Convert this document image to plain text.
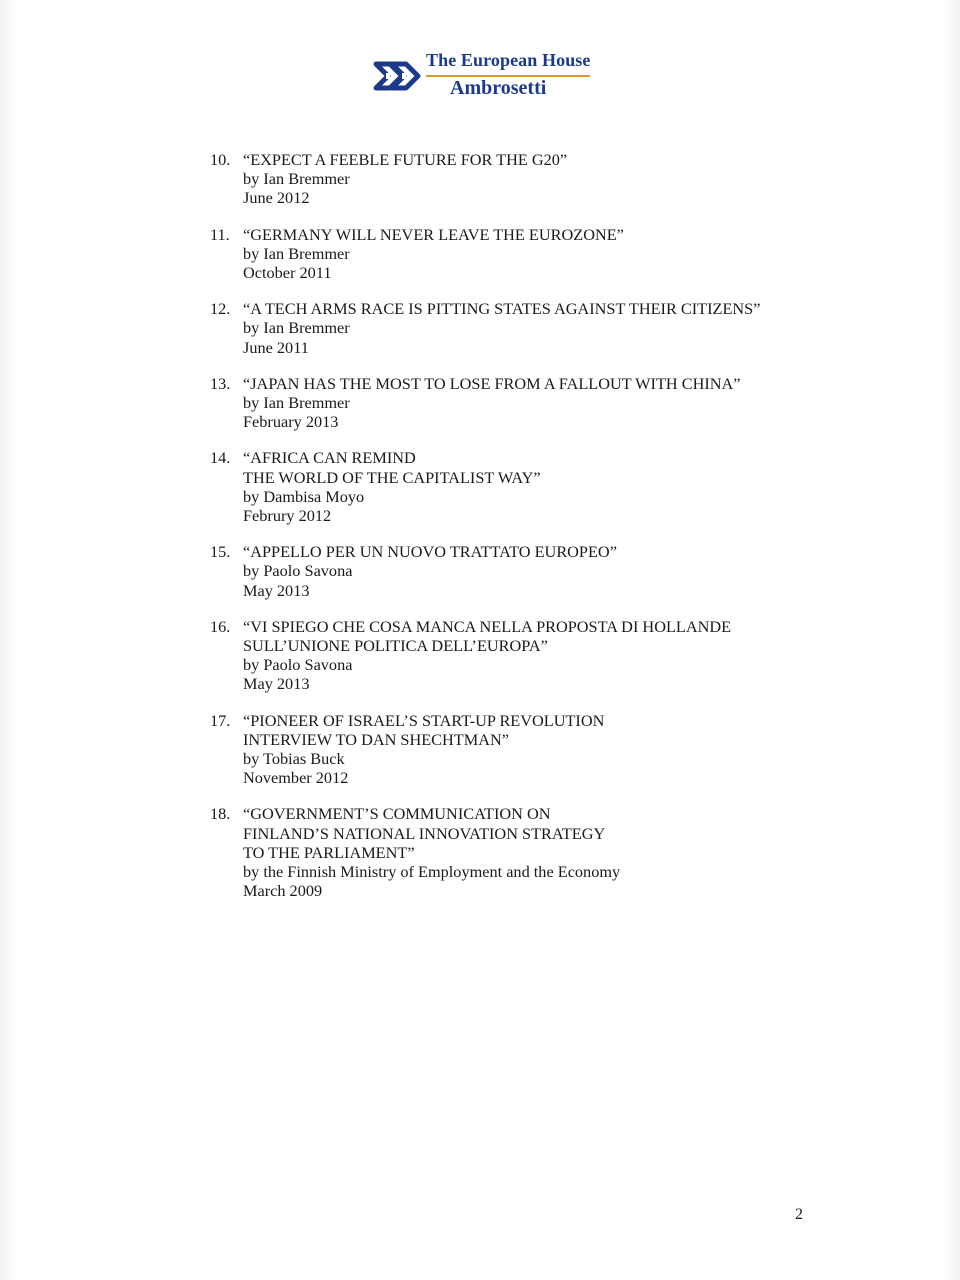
The European House
Ambrosetti
10. “EXPECT A FEEBLE FUTURE FOR THE G20”
by Ian Bremmer
June 2012
11. “GERMANY WILL NEVER LEAVE THE EUROZONE”
by Ian Bremmer
October 2011
12. “A TECH ARMS RACE IS PITTING STATES AGAINST THEIR CITIZENS”
by Ian Bremmer
June 2011
13. “JAPAN HAS THE MOST TO LOSE FROM A FALLOUT WITH CHINA”
by Ian Bremmer
February 2013
14. “AFRICA CAN REMIND
THE WORLD OF THE CAPITALIST WAY”
by Dambisa Moyo
Februry 2012
15. “APPELLO PER UN NUOVO TRATTATO EUROPEO”
by Paolo Savona
May 2013
16. “VI SPIEGO CHE COSA MANCA NELLA PROPOSTA DI HOLLANDE
SULL’UNIONE POLITICA DELL’EUROPA”
by Paolo Savona
May 2013
17. “PIONEER OF ISRAEL’S START-UP REVOLUTION
INTERVIEW TO DAN SHECHTMAN”
by Tobias Buck
November 2012
18. “GOVERNMENT’S COMMUNICATION ON
FINLAND’S NATIONAL INNOVATION STRATEGY
TO THE PARLIAMENT”
by the Finnish Ministry of Employment and the Economy
March 2009
2
